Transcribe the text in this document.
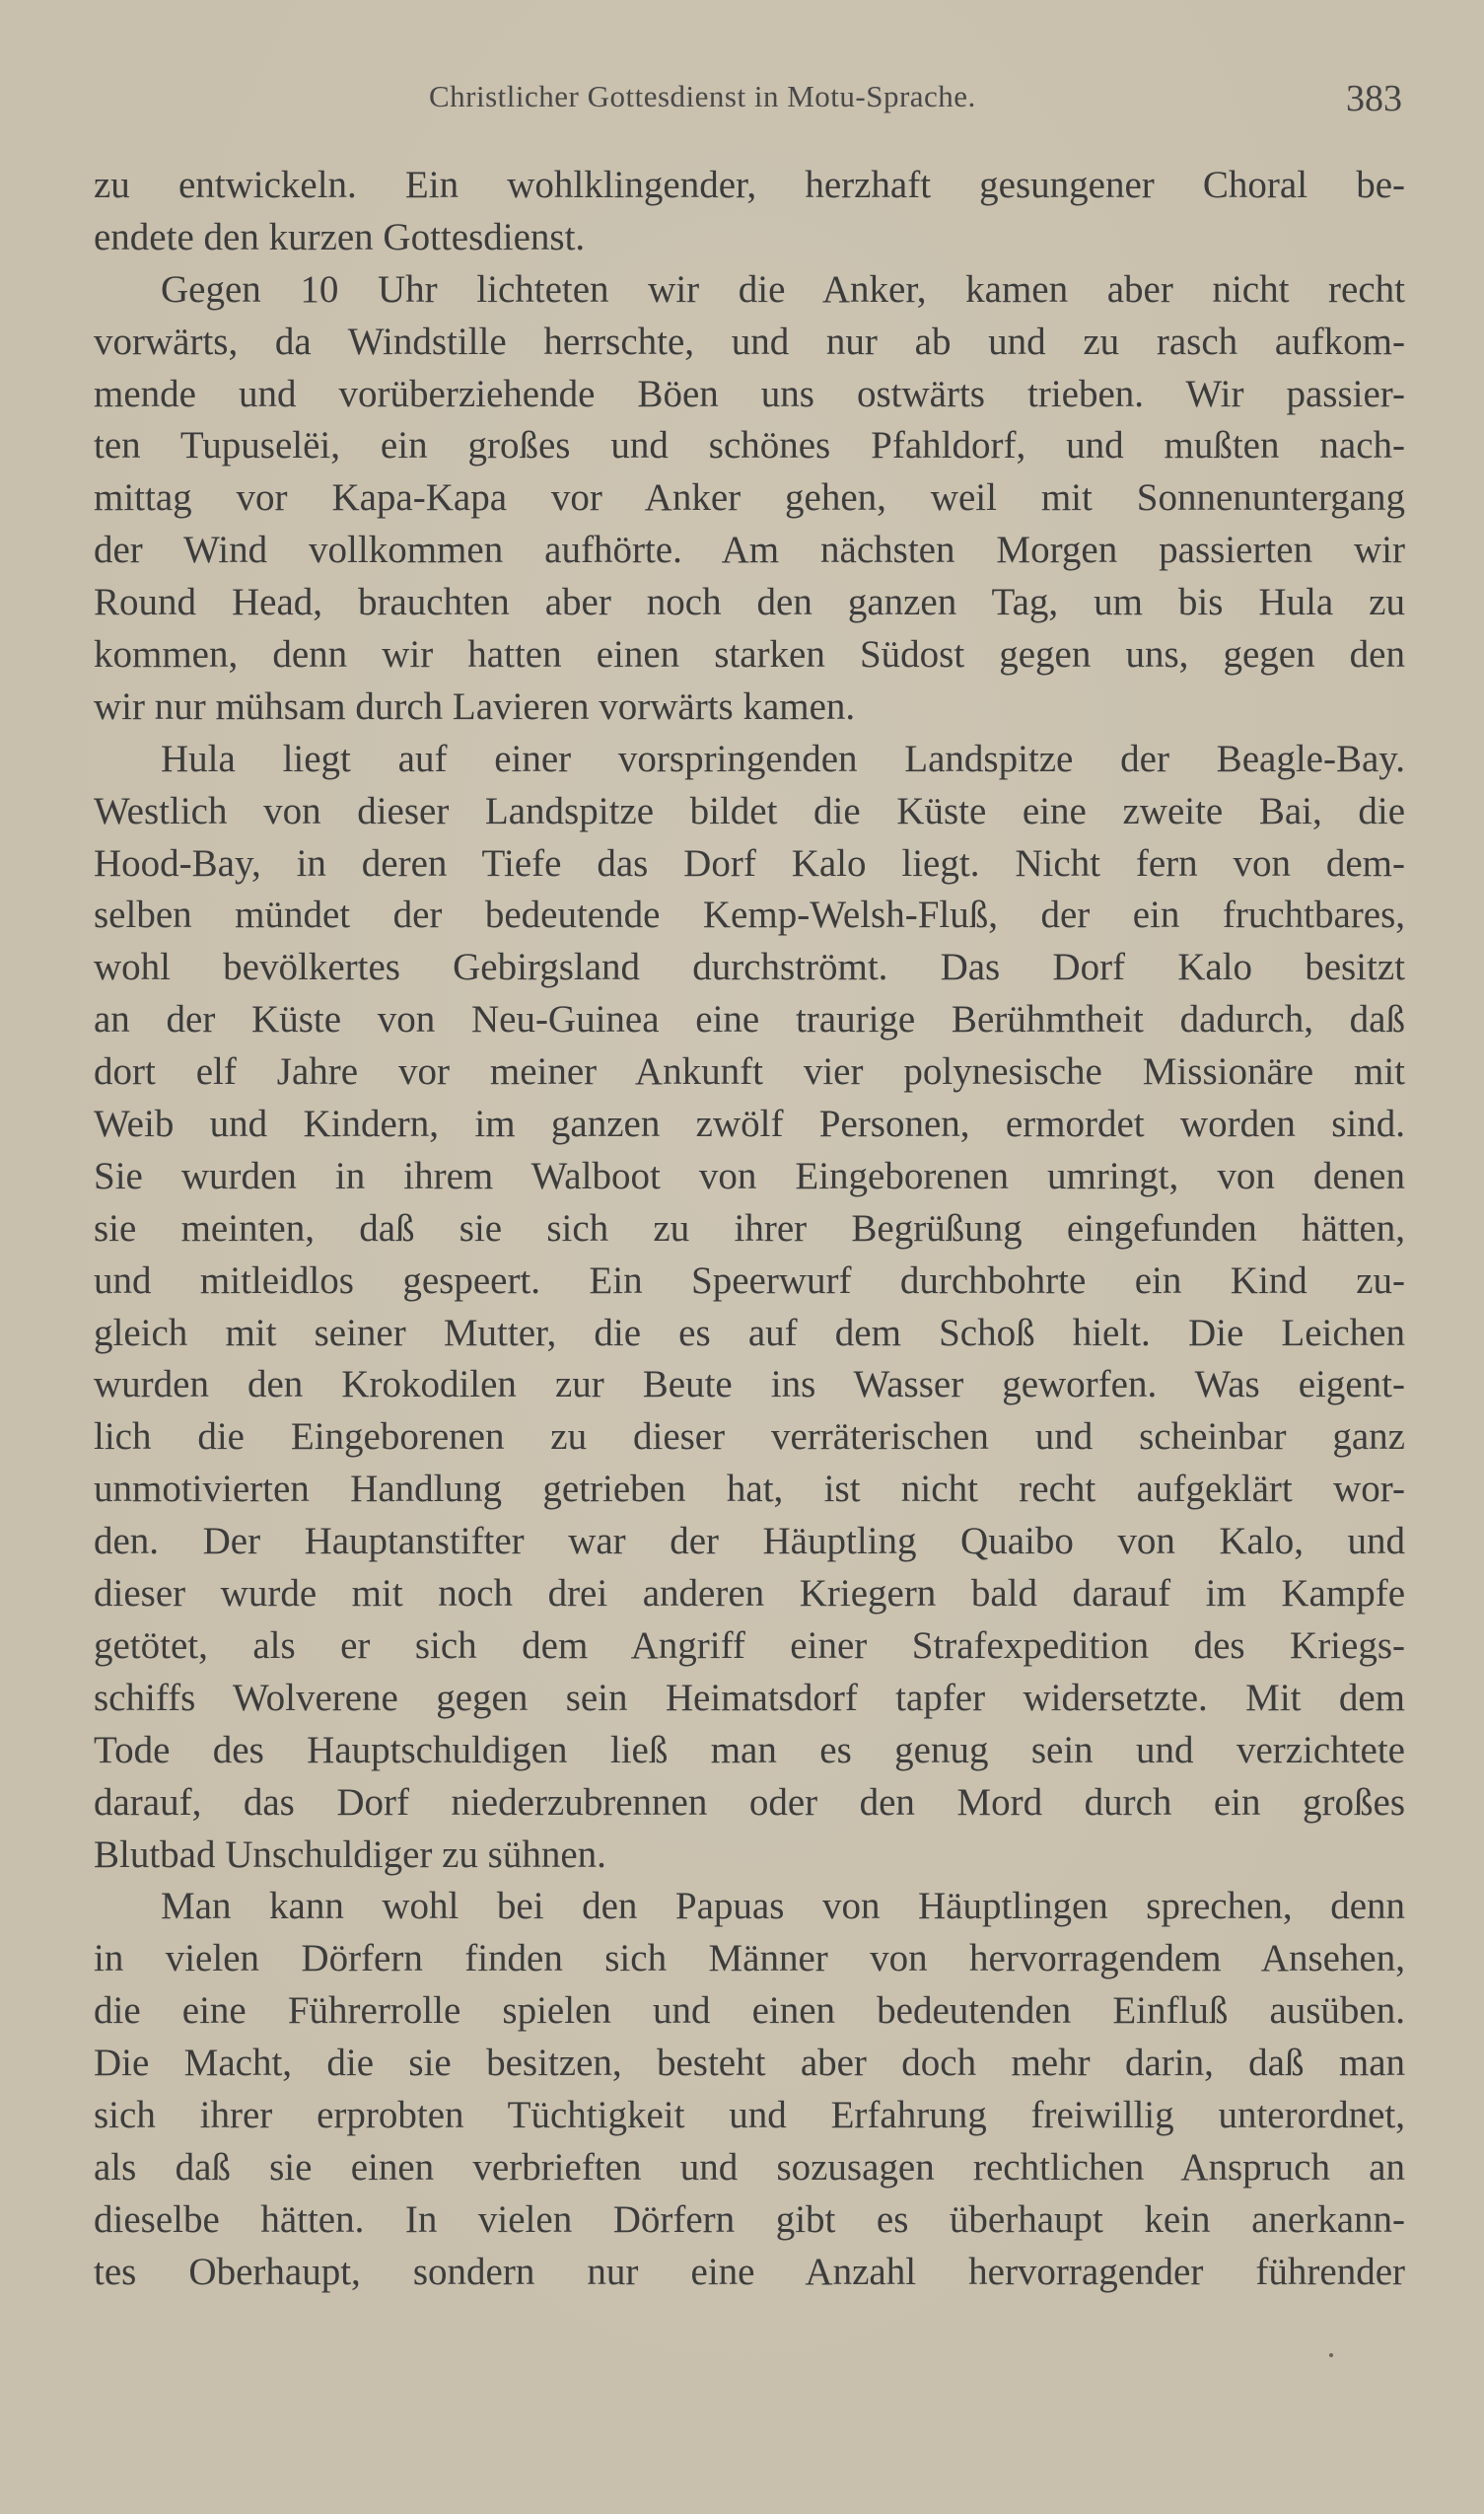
Christlicher Gottesdienst in Motu-Sprache.	383
zu entwickeln. Ein wohlklingender, herzhaft gesungener Choral be-
endete den kurzen Gottesdienst.
Gegen 10 Uhr lichteten wir die Anker, kamen aber nicht recht
vorwärts, da Windstille herrschte, und nur ab und zu rasch aufkom-
mende und vorüberziehende Böen uns ostwärts trieben. Wir passier-
ten Tupuselëi, ein großes und schönes Pfahldorf, und mußten nach-
mittag vor Kapa-Kapa vor Anker gehen, weil mit Sonnenuntergang
der Wind vollkommen aufhörte. Am nächsten Morgen passierten wir
Round Head, brauchten aber noch den ganzen Tag, um bis Hula zu
kommen, denn wir hatten einen starken Südost gegen uns, gegen den
wir nur mühsam durch Lavieren vorwärts kamen.
Hula liegt auf einer vorspringenden Landspitze der Beagle-Bay.
Westlich von dieser Landspitze bildet die Küste eine zweite Bai, die
Hood-Bay, in deren Tiefe das Dorf Kalo liegt. Nicht fern von dem-
selben mündet der bedeutende Kemp-Welsh-Fluß, der ein fruchtbares,
wohl bevölkertes Gebirgsland durchströmt. Das Dorf Kalo besitzt
an der Küste von Neu-Guinea eine traurige Berühmtheit dadurch, daß
dort elf Jahre vor meiner Ankunft vier polynesische Missionäre mit
Weib und Kindern, im ganzen zwölf Personen, ermordet worden sind.
Sie wurden in ihrem Walboot von Eingeborenen umringt, von denen
sie meinten, daß sie sich zu ihrer Begrüßung eingefunden hätten,
und mitleidlos gespeert. Ein Speerwurf durchbohrte ein Kind zu-
gleich mit seiner Mutter, die es auf dem Schoß hielt. Die Leichen
wurden den Krokodilen zur Beute ins Wasser geworfen. Was eigent-
lich die Eingeborenen zu dieser verräterischen und scheinbar ganz
unmotivierten Handlung getrieben hat, ist nicht recht aufgeklärt wor-
den. Der Hauptanstifter war der Häuptling Quaibo von Kalo, und
dieser wurde mit noch drei anderen Kriegern bald darauf im Kampfe
getötet, als er sich dem Angriff einer Strafexpedition des Kriegs-
schiffs Wolverene gegen sein Heimatsdorf tapfer widersetzte. Mit dem
Tode des Hauptschuldigen ließ man es genug sein und verzichtete
darauf, das Dorf niederzubrennen oder den Mord durch ein großes
Blutbad Unschuldiger zu sühnen.
Man kann wohl bei den Papuas von Häuptlingen sprechen, denn
in vielen Dörfern finden sich Männer von hervorragendem Ansehen,
die eine Führerrolle spielen und einen bedeutenden Einfluß ausüben.
Die Macht, die sie besitzen, besteht aber doch mehr darin, daß man
sich ihrer erprobten Tüchtigkeit und Erfahrung freiwillig unterordnet,
als daß sie einen verbrieften und sozusagen rechtlichen Anspruch an
dieselbe hätten. In vielen Dörfern gibt es überhaupt kein anerkann-
tes Oberhaupt, sondern nur eine Anzahl hervorragender führender
